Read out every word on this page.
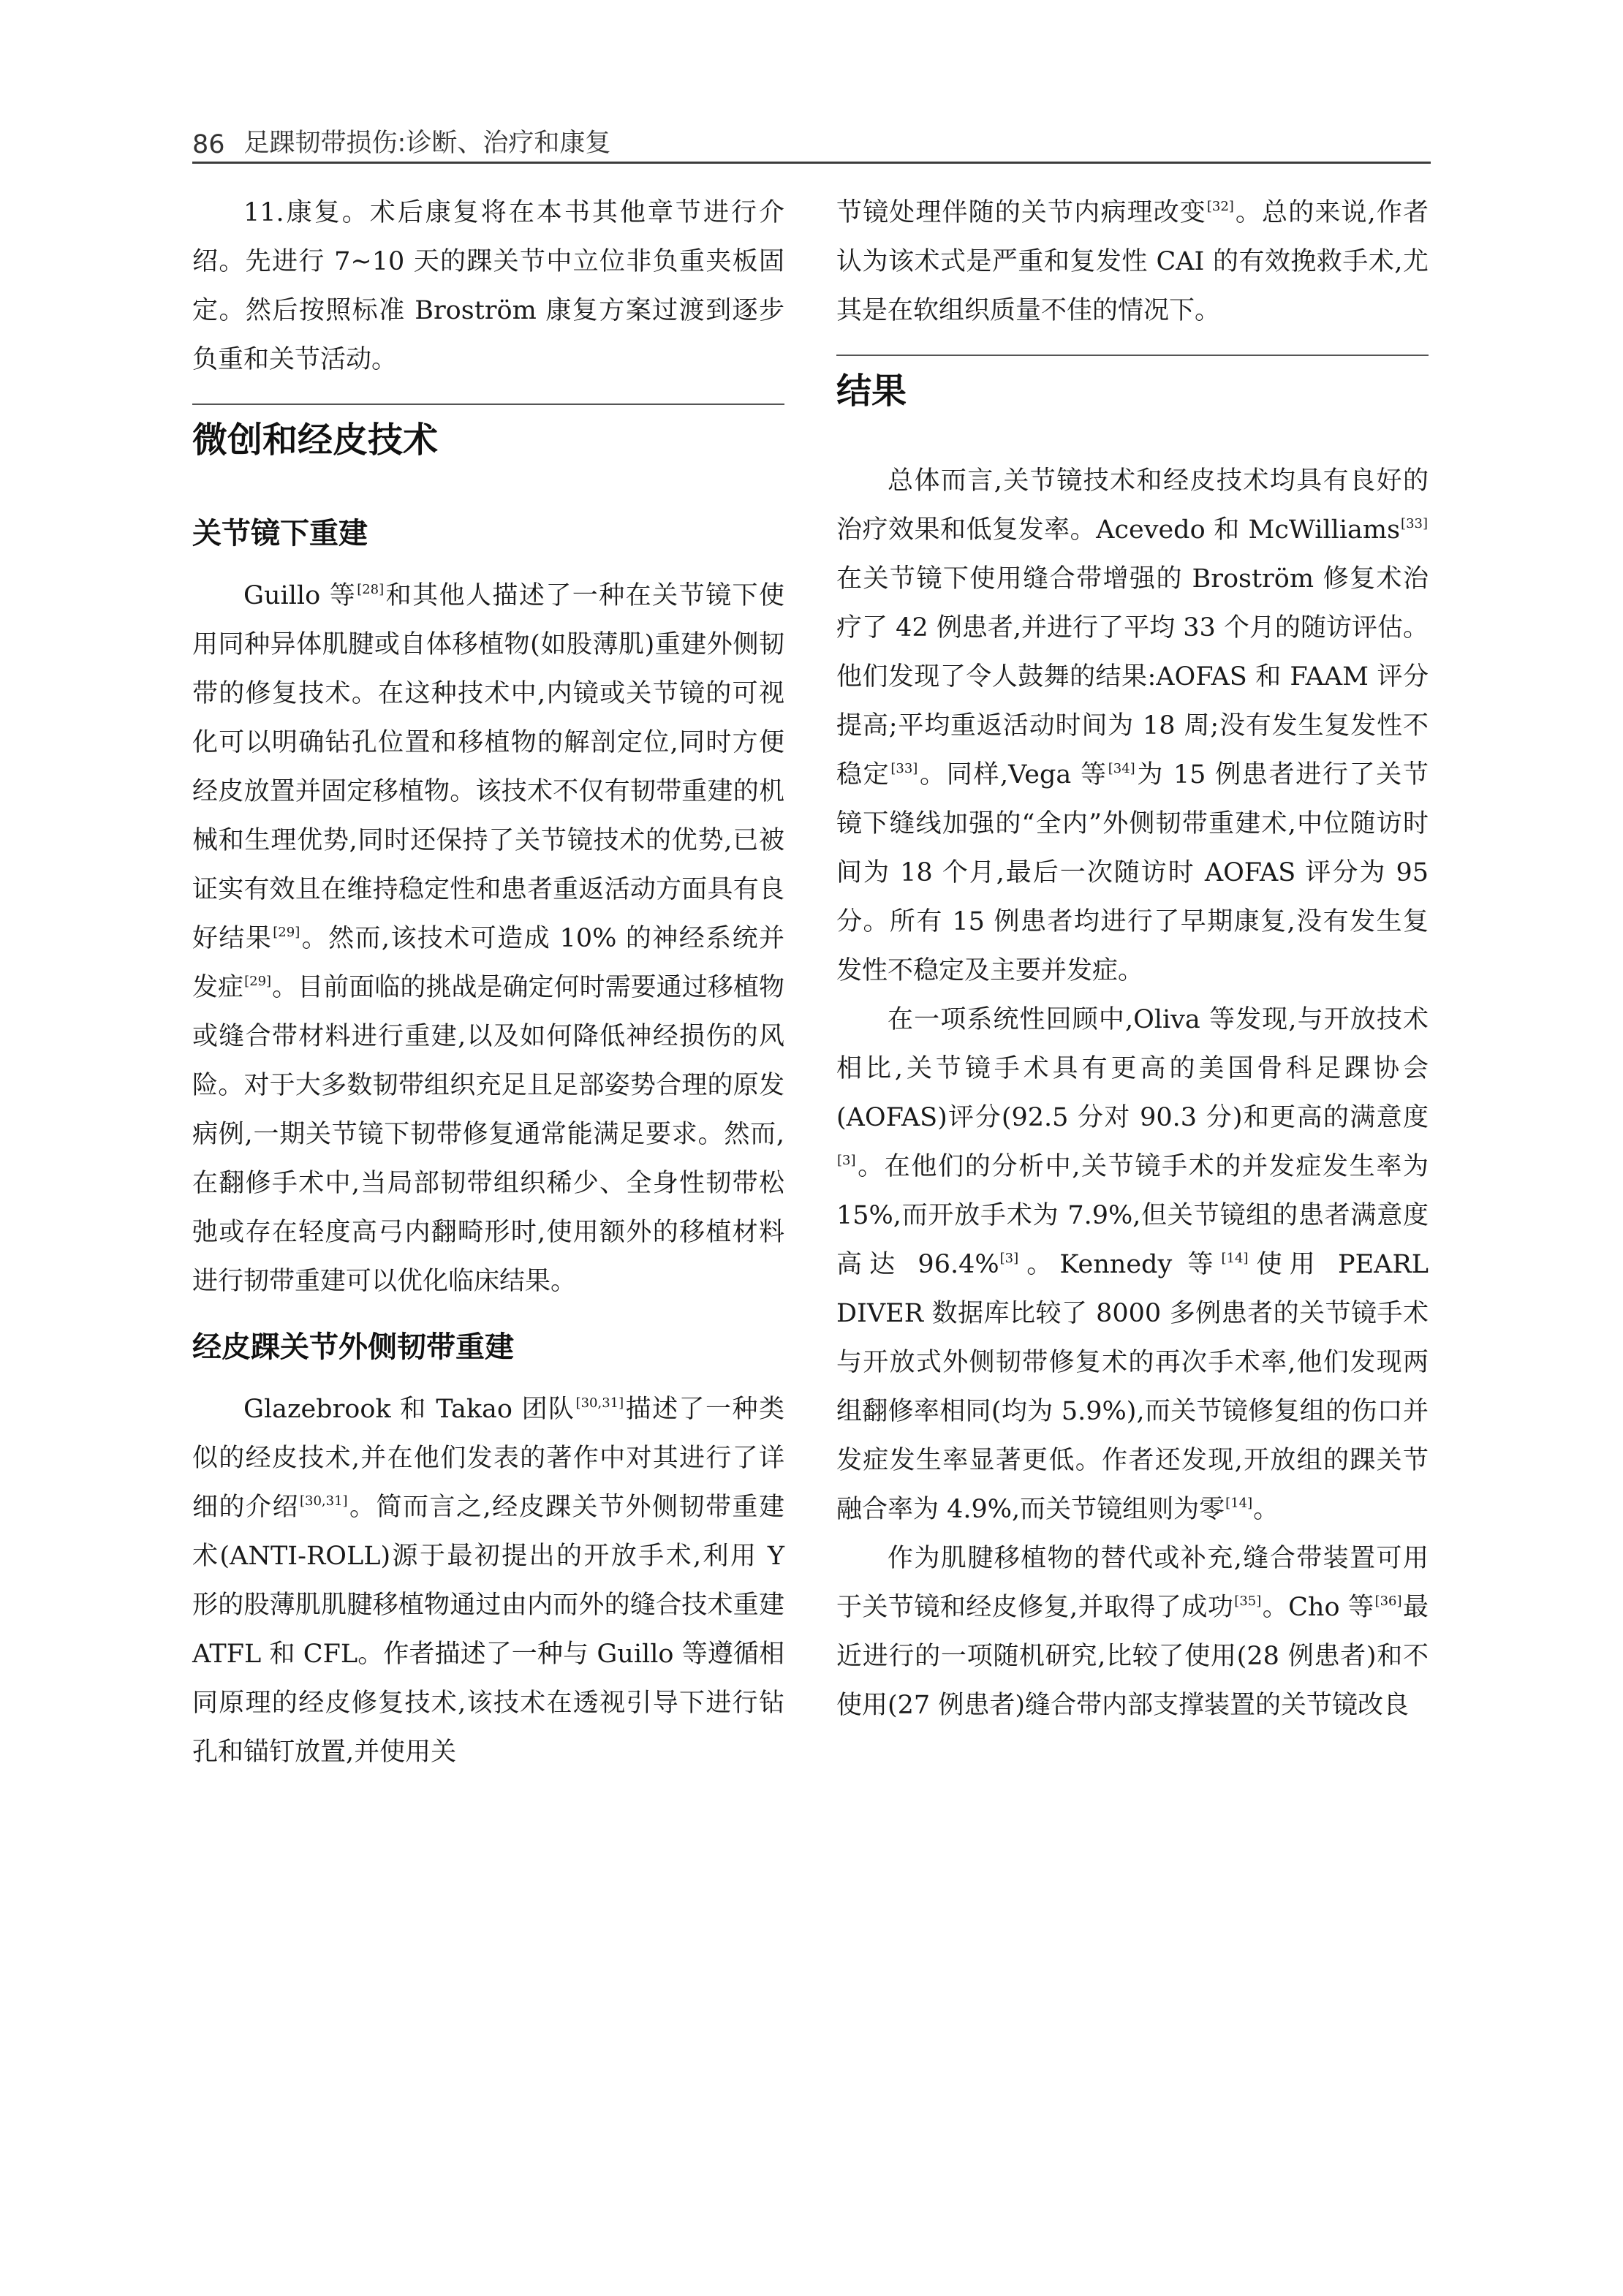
86 足踝韧带损伤:诊断、治疗和康复

11.康复。术后康复将在本书其他章节进行介绍。先进行 7~10 天的踝关节中立位非负重夹板固定。然后按照标准 Broström 康复方案过渡到逐步负重和关节活动。

微创和经皮技术
关节镜下重建

Guillo 等[28]和其他人描述了一种在关节镜下使用同种异体肌腱或自体移植物(如股薄肌)重建外侧韧带的修复技术。在这种技术中,内镜或关节镜的可视化可以明确钻孔位置和移植物的解剖定位,同时方便经皮放置并固定移植物。该技术不仅有韧带重建的机械和生理优势,同时还保持了关节镜技术的优势,已被证实有效且在维持稳定性和患者重返活动方面具有良好结果[29]。然而,该技术可造成 10% 的神经系统并发症[29]。目前面临的挑战是确定何时需要通过移植物或缝合带材料进行重建,以及如何降低神经损伤的风险。对于大多数韧带组织充足且足部姿势合理的原发病例,一期关节镜下韧带修复通常能满足要求。然而,在翻修手术中,当局部韧带组织稀少、全身性韧带松弛或存在轻度高弓内翻畸形时,使用额外的移植材料进行韧带重建可以优化临床结果。

经皮踝关节外侧韧带重建

Glazebrook 和 Takao 团队[30,31]描述了一种类似的经皮技术,并在他们发表的著作中对其进行了详细的介绍[30,31]。简而言之,经皮踝关节外侧韧带重建术(ANTI-ROLL)源于最初提出的开放手术,利用 Y 形的股薄肌肌腱移植物通过由内而外的缝合技术重建 ATFL 和 CFL。作者描述了一种与 Guillo 等遵循相同原理的经皮修复技术,该技术在透视引导下进行钻孔和锚钉放置,并使用关

节镜处理伴随的关节内病理改变[32]。总的来说,作者认为该术式是严重和复发性 CAI 的有效挽救手术,尤其是在软组织质量不佳的情况下。

结果

总体而言,关节镜技术和经皮技术均具有良好的治疗效果和低复发率。Acevedo 和 McWilliams[33]在关节镜下使用缝合带增强的 Broström 修复术治疗了 42 例患者,并进行了平均 33 个月的随访评估。他们发现了令人鼓舞的结果:AOFAS 和 FAAM 评分提高;平均重返活动时间为 18 周;没有发生复发性不稳定[33]。同样,Vega 等[34]为 15 例患者进行了关节镜下缝线加强的“全内”外侧韧带重建术,中位随访时间为 18 个月,最后一次随访时 AOFAS 评分为 95 分。所有 15 例患者均进行了早期康复,没有发生复发性不稳定及主要并发症。

在一项系统性回顾中,Oliva 等发现,与开放技术相比,关节镜手术具有更高的美国骨科足踝协会(AOFAS)评分(92.5 分对 90.3 分)和更高的满意度[3]。在他们的分析中,关节镜手术的并发症发生率为 15%,而开放手术为 7.9%,但关节镜组的患者满意度高达 96.4%[3]。Kennedy 等[14]使用 PEARL DIVER 数据库比较了 8000 多例患者的关节镜手术与开放式外侧韧带修复术的再次手术率,他们发现两组翻修率相同(均为 5.9%),而关节镜修复组的伤口并发症发生率显著更低。作者还发现,开放组的踝关节融合率为 4.9%,而关节镜组则为零[14]。

作为肌腱移植物的替代或补充,缝合带装置可用于关节镜和经皮修复,并取得了成功[35]。Cho 等[36]最近进行的一项随机研究,比较了使用(28 例患者)和不使用(27 例患者)缝合带内部支撑装置的关节镜改良
